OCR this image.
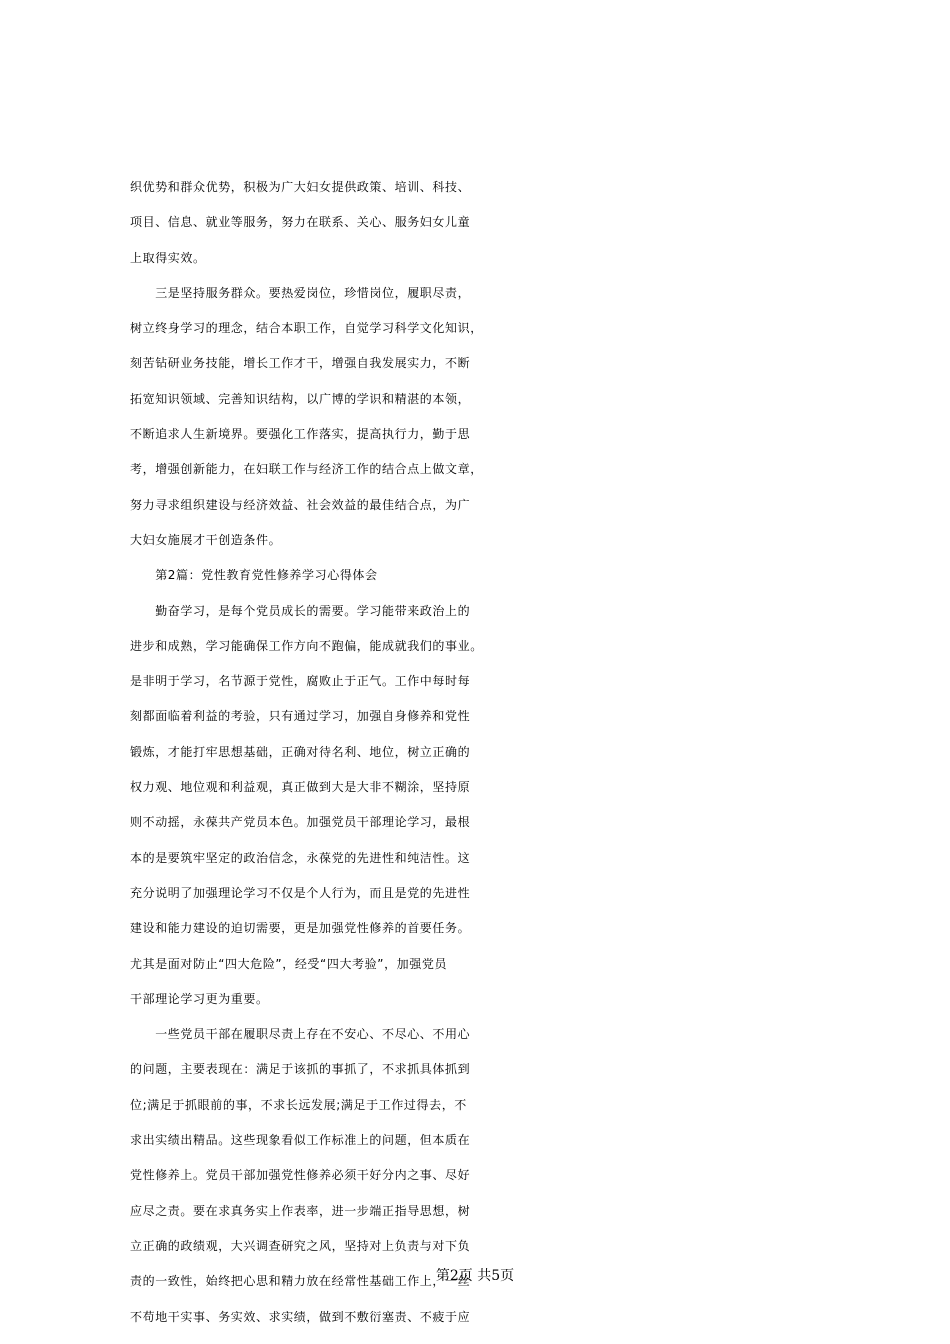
织优势和群众优势，积极为广大妇女提供政策、培训、科技、
项目、信息、就业等服务，努力在联系、关心、服务妇女儿童
上取得实效。
　　三是坚持服务群众。要热爱岗位，珍惜岗位，履职尽责，
树立终身学习的理念，结合本职工作，自觉学习科学文化知识，
刻苦钻研业务技能，增长工作才干，增强自我发展实力，不断
拓宽知识领域、完善知识结构，以广博的学识和精湛的本领，
不断追求人生新境界。要强化工作落实，提高执行力，勤于思
考，增强创新能力，在妇联工作与经济工作的结合点上做文章，
努力寻求组织建设与经济效益、社会效益的最佳结合点，为广
大妇女施展才干创造条件。
　　第2篇：党性教育党性修养学习心得体会
　　勤奋学习，是每个党员成长的需要。学习能带来政治上的
进步和成熟，学习能确保工作方向不跑偏，能成就我们的事业。
是非明于学习，名节源于党性，腐败止于正气。工作中每时每
刻都面临着利益的考验，只有通过学习，加强自身修养和党性
锻炼，才能打牢思想基础，正确对待名利、地位，树立正确的
权力观、地位观和利益观，真正做到大是大非不糊涂，坚持原
则不动摇，永葆共产党员本色。加强党员干部理论学习，最根
本的是要筑牢坚定的政治信念，永葆党的先进性和纯洁性。这
充分说明了加强理论学习不仅是个人行为，而且是党的先进性
建设和能力建设的迫切需要，更是加强党性修养的首要任务。
尤其是面对防止“四大危险”，经受“四大考验”，加强党员
干部理论学习更为重要。
　　一些党员干部在履职尽责上存在不安心、不尽心、不用心
的问题，主要表现在：满足于该抓的事抓了，不求抓具体抓到
位;满足于抓眼前的事，不求长远发展;满足于工作过得去，不
求出实绩出精品。这些现象看似工作标准上的问题，但本质在
党性修养上。党员干部加强党性修养必须干好分内之事、尽好
应尽之责。要在求真务实上作表率，进一步端正指导思想，树
立正确的政绩观，大兴调查研究之风，坚持对上负责与对下负
责的一致性，始终把心思和精力放在经常性基础工作上，一丝
不苟地干实事、务实效、求实绩，做到不敷衍塞责、不疲于应
第2页 共5页
